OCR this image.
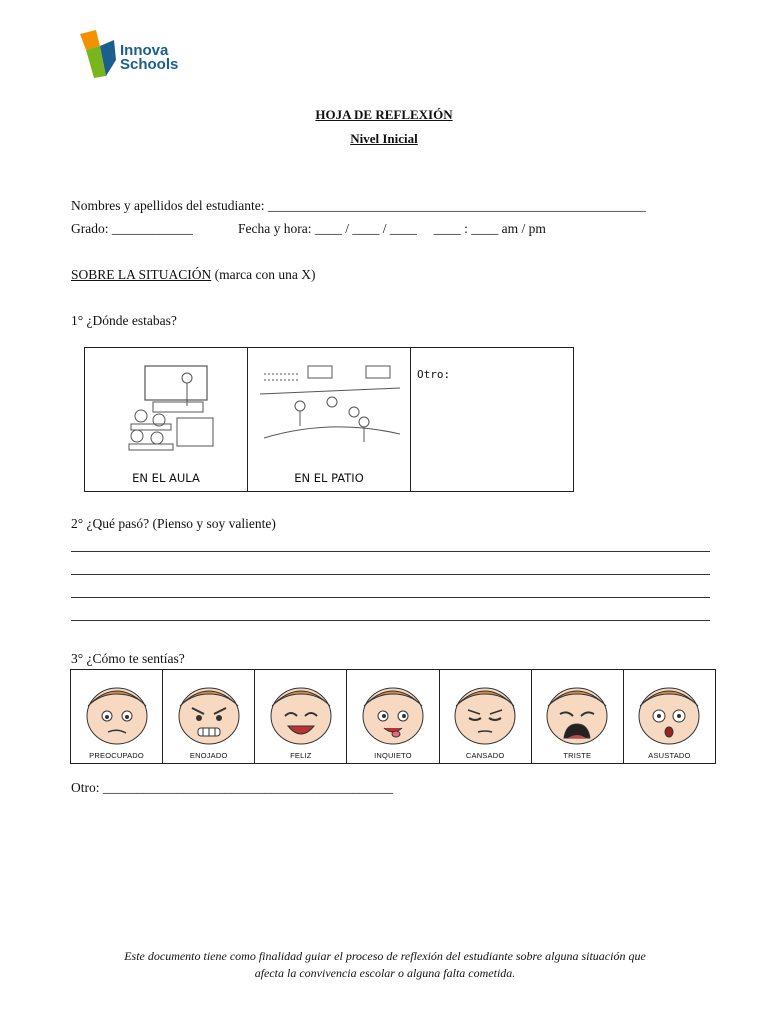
Innova
Schools
HOJA DE REFLEXIÓN
Nivel Inicial
Nombres y apellidos del estudiante: ________________________________________________________
Grado: ____________	Fecha y hora: ____ / ____ / ____     ____ : ____ am / pm
SOBRE LA SITUACIÓN (marca con una X)
1° ¿Dónde estabas?
EN EL AULA	EN EL PATIO
Otro:
2° ¿Qué pasó? (Pienso y soy valiente)
3° ¿Cómo te sentías?
PREOCUPADO	ENOJADO	FELIZ	INQUIETO	CANSADO	TRISTE	ASUSTADO
Otro: ___________________________________________
Este documento tiene como finalidad guiar el proceso de reflexión del estudiante sobre alguna situación que
afecta la convivencia escolar o alguna falta cometida.
